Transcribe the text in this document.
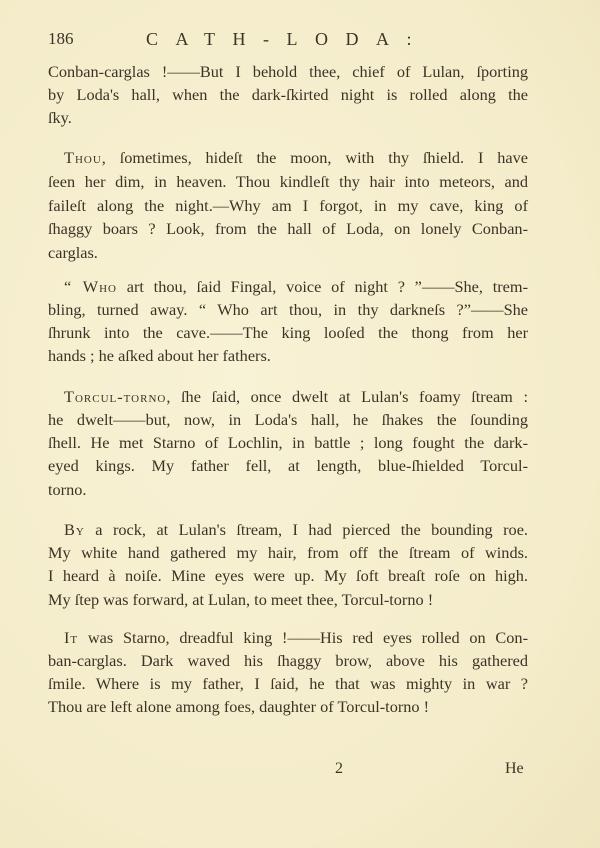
186	CATH-LODA:
Conban-carglas !——But I behold thee, chief of Lulan, ſporting
by Loda's hall, when the dark-ſkirted night is rolled along the
ſky.
Thou, ſometimes, hideſt the moon, with thy ſhield. I have
ſeen her dim, in heaven. Thou kindleſt thy hair into meteors, and
faileſt along the night.—Why am I forgot, in my cave, king of
ſhaggy boars ? Look, from the hall of Loda, on lonely Conban-
carglas.
“ Who art thou, ſaid Fingal, voice of night ? ”——She, trem-
bling, turned away. “ Who art thou, in thy darkneſs ?”——She
ſhrunk into the cave.——The king looſed the thong from her
hands ; he aſked about her fathers.
Torcul-torno, ſhe ſaid, once dwelt at Lulan's foamy ſtream :
he dwelt——but, now, in Loda's hall, he ſhakes the ſounding
ſhell. He met Starno of Lochlin, in battle ; long fought the dark-
eyed kings. My father fell, at length, blue-ſhielded Torcul-
torno.
By a rock, at Lulan's ſtream, I had pierced the bounding roe.
My white hand gathered my hair, from off the ſtream of winds.
I heard à noiſe. Mine eyes were up. My ſoft breaſt roſe on high.
My ſtep was forward, at Lulan, to meet thee, Torcul-torno !
It was Starno, dreadful king !——His red eyes rolled on Con-
ban-carglas. Dark waved his ſhaggy brow, above his gathered
ſmile. Where is my father, I ſaid, he that was mighty in war ?
Thou are left alone among foes, daughter of Torcul-torno !
2	He
